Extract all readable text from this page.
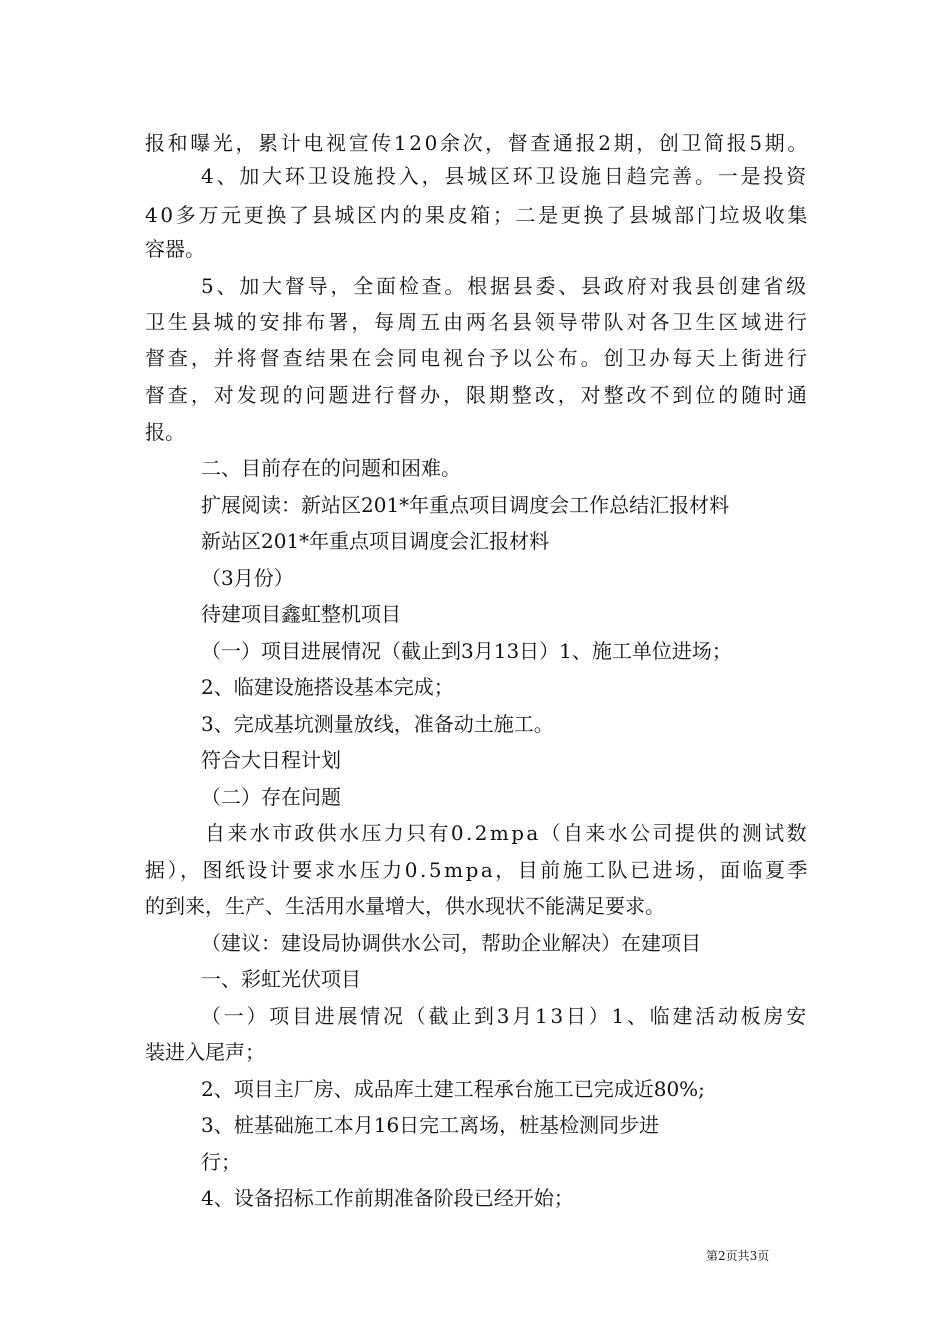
报和曝光，累计电视宣传120余次，督查通报2期，创卫简报5期。
4、加大环卫设施投入，县城区环卫设施日趋完善。一是投资
40多万元更换了县城区内的果皮箱；二是更换了县城部门垃圾收集
容器。
5、加大督导，全面检查。根据县委、县政府对我县创建省级
卫生县城的安排布署，每周五由两名县领导带队对各卫生区域进行
督查，并将督查结果在会同电视台予以公布。创卫办每天上街进行
督查，对发现的问题进行督办，限期整改，对整改不到位的随时通
报。
二、目前存在的问题和困难。
扩展阅读：新站区201*年重点项目调度会工作总结汇报材料
新站区201*年重点项目调度会汇报材料
（3月份）
待建项目鑫虹整机项目
（一）项目进展情况（截止到3月13日）1、施工单位进场；
2、临建设施搭设基本完成；
3、完成基坑测量放线，准备动土施工。
符合大日程计划
（二）存在问题
自来水市政供水压力只有0.2mpa（自来水公司提供的测试数
据），图纸设计要求水压力0.5mpa，目前施工队已进场，面临夏季
的到来，生产、生活用水量增大，供水现状不能满足要求。
（建议：建设局协调供水公司，帮助企业解决）在建项目
一、彩虹光伏项目
（一）项目进展情况（截止到3月13日）1、临建活动板房安
装进入尾声；
2、项目主厂房、成品库土建工程承台施工已完成近80%;
3、桩基础施工本月16日完工离场，桩基检测同步进
行；
4、设备招标工作前期准备阶段已经开始；
第2页共3页
